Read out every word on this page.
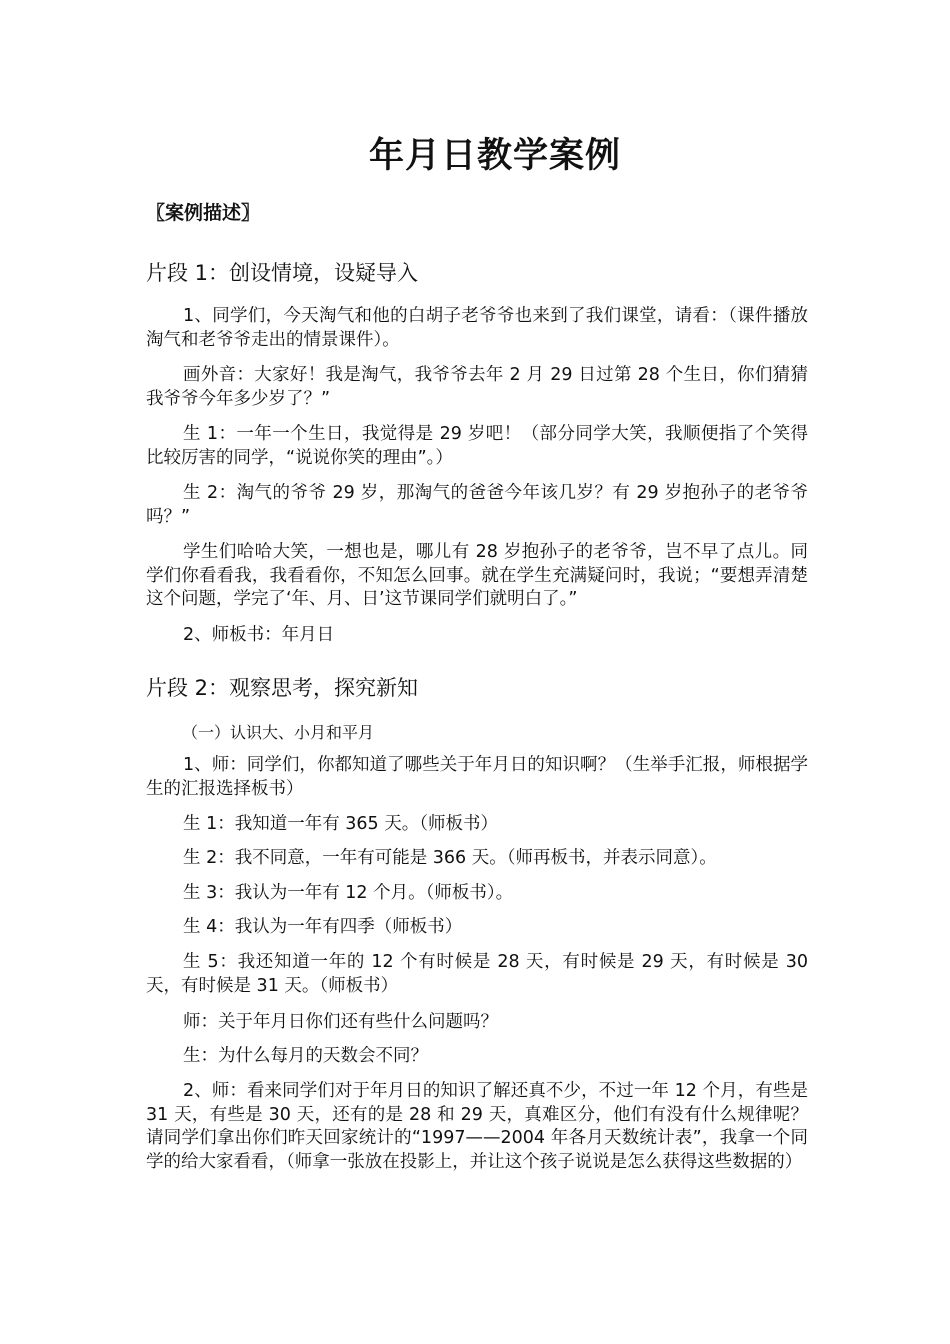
年月日教学案例
〖案例描述〗
片段 1：创设情境，设疑导入
1、同学们，今天淘气和他的白胡子老爷爷也来到了我们课堂，请看：（课件播放淘气和老爷爷走出的情景课件）。
画外音：大家好！我是淘气，我爷爷去年 2 月 29 日过第 28 个生日，你们猜猜我爷爷今年多少岁了？”
生 1：一年一个生日，我觉得是 29 岁吧！（部分同学大笑，我顺便指了个笑得比较厉害的同学，“说说你笑的理由”。）
生 2：淘气的爷爷 29 岁，那淘气的爸爸今年该几岁？有 29 岁抱孙子的老爷爷吗？”
学生们哈哈大笑，一想也是，哪儿有 28 岁抱孙子的老爷爷，岂不早了点儿。同学们你看看我，我看看你，不知怎么回事。就在学生充满疑问时，我说；“要想弄清楚这个问题，学完了‘年、月、日’这节课同学们就明白了。”
2、师板书：年月日
片段 2：观察思考，探究新知
（一）认识大、小月和平月
1、师：同学们，你都知道了哪些关于年月日的知识啊？（生举手汇报，师根据学生的汇报选择板书）
生 1：我知道一年有 365 天。（师板书）
生 2：我不同意，一年有可能是 366 天。（师再板书，并表示同意）。
生 3：我认为一年有 12 个月。（师板书）。
生 4：我认为一年有四季（师板书）
生 5：我还知道一年的 12 个有时候是 28 天，有时候是 29 天，有时候是 30 天，有时候是 31 天。（师板书）
师：关于年月日你们还有些什么问题吗？
生：为什么每月的天数会不同？
2、师：看来同学们对于年月日的知识了解还真不少，不过一年 12 个月，有些是 31 天，有些是 30 天，还有的是 28 和 29 天，真难区分，他们有没有什么规律呢？请同学们拿出你们昨天回家统计的“1997——2004 年各月天数统计表”，我拿一个同学的给大家看看，（师拿一张放在投影上，并让这个孩子说说是怎么获得这些数据的）
